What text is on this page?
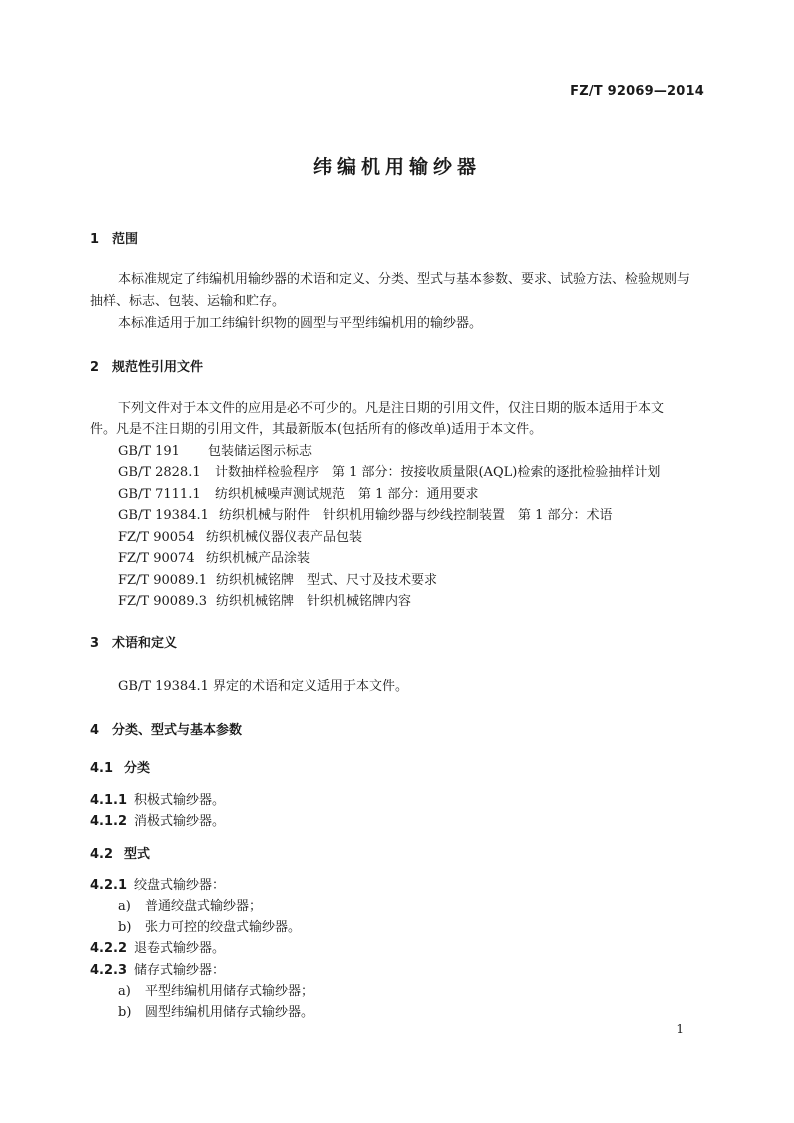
FZ/T 92069—2014
纬编机用输纱器
1 范围
本标准规定了纬编机用输纱器的术语和定义、分类、型式与基本参数、要求、试验方法、检验规则与
抽样、标志、包装、运输和贮存。
本标准适用于加工纬编针织物的圆型与平型纬编机用的输纱器。
2 规范性引用文件
下列文件对于本文件的应用是必不可少的。凡是注日期的引用文件，仅注日期的版本适用于本文
件。凡是不注日期的引用文件，其最新版本(包括所有的修改单)适用于本文件。
GB/T 191 包装储运图示标志
GB/T 2828.1 计数抽样检验程序　第 1 部分：按接收质量限(AQL)检索的逐批检验抽样计划
GB/T 7111.1 纺织机械噪声测试规范　第 1 部分：通用要求
GB/T 19384.1 纺织机械与附件　针织机用输纱器与纱线控制装置　第 1 部分：术语
FZ/T 90054 纺织机械仪器仪表产品包装
FZ/T 90074 纺织机械产品涂装
FZ/T 90089.1 纺织机械铭牌　型式、尺寸及技术要求
FZ/T 90089.3 纺织机械铭牌　针织机械铭牌内容
3 术语和定义
GB/T 19384.1 界定的术语和定义适用于本文件。
4 分类、型式与基本参数
4.1 分类
4.1.1 积极式输纱器。
4.1.2 消极式输纱器。
4.2 型式
4.2.1 绞盘式输纱器：
a) 普通绞盘式输纱器；
b) 张力可控的绞盘式输纱器。
4.2.2 退卷式输纱器。
4.2.3 储存式输纱器：
a) 平型纬编机用储存式输纱器；
b) 圆型纬编机用储存式输纱器。
1
